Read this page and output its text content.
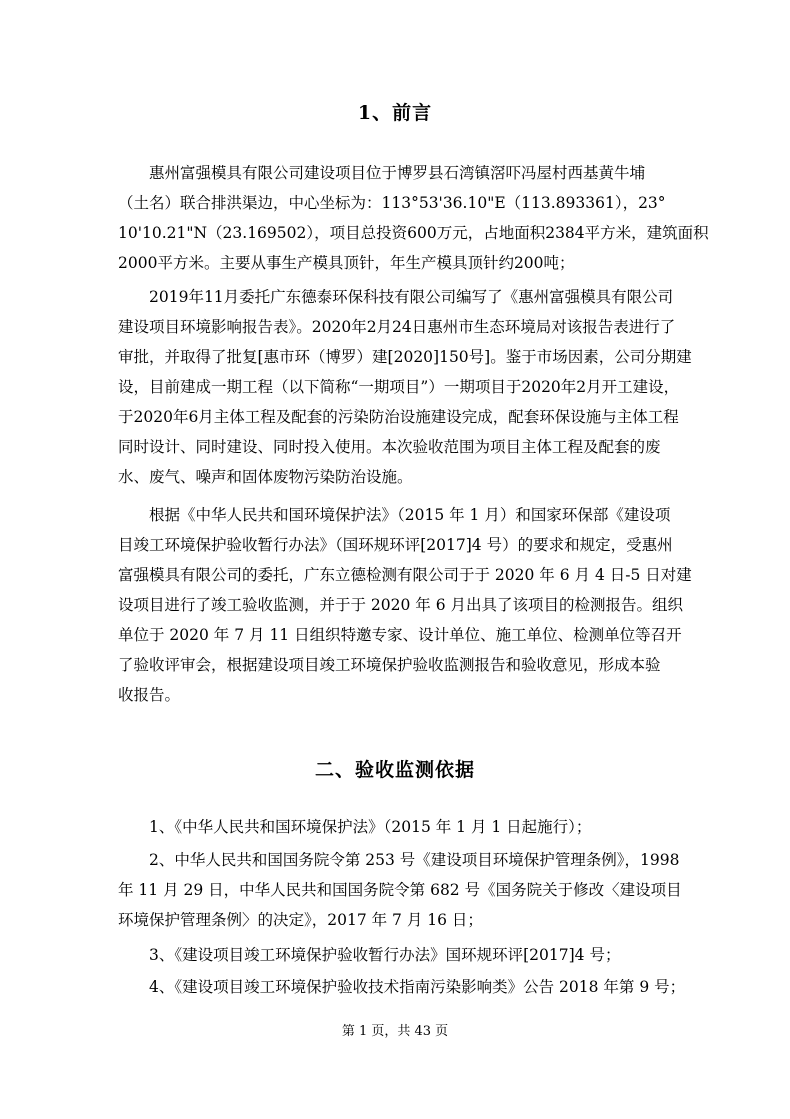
1、前言
　　惠州富强模具有限公司建设项目位于博罗县石湾镇滘吓冯屋村西基黄牛埔
（土名）联合排洪渠边，中心坐标为：113°53'36.10"E（113.893361），23°
10'10.21"N（23.169502），项目总投资600万元，占地面积2384平方米，建筑面积
2000平方米。主要从事生产模具顶针，年生产模具顶针约200吨；
　　2019年11月委托广东德泰环保科技有限公司编写了《惠州富强模具有限公司
建设项目环境影响报告表》。2020年2月24日惠州市生态环境局对该报告表进行了
审批，并取得了批复[惠市环（博罗）建[2020]150号]。鉴于市场因素，公司分期建
设，目前建成一期工程（以下简称“一期项目”）一期项目于2020年2月开工建设，
于2020年6月主体工程及配套的污染防治设施建设完成，配套环保设施与主体工程
同时设计、同时建设、同时投入使用。本次验收范围为项目主体工程及配套的废
水、废气、噪声和固体废物污染防治设施。
　　根据《中华人民共和国环境保护法》（2015 年 1 月）和国家环保部《建设项
目竣工环境保护验收暂行办法》（国环规环评[2017]4 号）的要求和规定，受惠州
富强模具有限公司的委托，广东立德检测有限公司于于 2020 年 6 月 4 日-5 日对建
设项目进行了竣工验收监测，并于于 2020 年 6 月出具了该项目的检测报告。组织
单位于 2020 年 7 月 11 日组织特邀专家、设计单位、施工单位、检测单位等召开
了验收评审会，根据建设项目竣工环境保护验收监测报告和验收意见，形成本验
收报告。
二、验收监测依据
　　1、《中华人民共和国环境保护法》（2015 年 1 月 1 日起施行）；
　　2、中华人民共和国国务院令第 253 号《建设项目环境保护管理条例》，1998
年 11 月 29 日，中华人民共和国国务院令第 682 号《国务院关于修改〈建设项目
环境保护管理条例〉的决定》，2017 年 7 月 16 日；
　　3、《建设项目竣工环境保护验收暂行办法》国环规环评[2017]4 号；
　　4、《建设项目竣工环境保护验收技术指南污染影响类》公告 2018 年第 9 号；
第 1 页，共 43 页
